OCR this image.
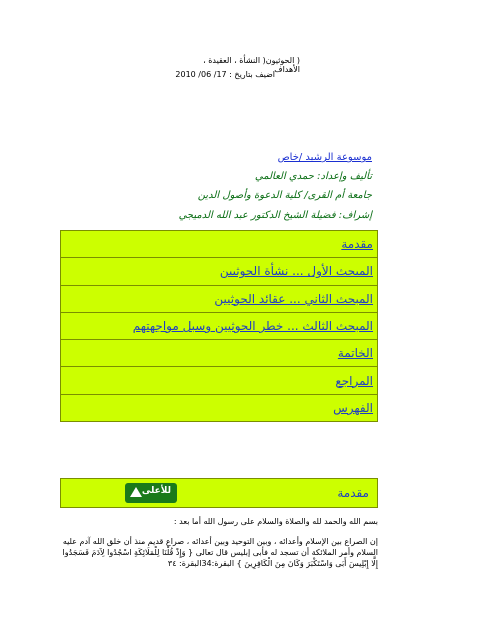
( الحوثيون( النشأة ، العقيدة ، الأهداف
اضيف بتاريخ : 17/ 06/ 2010
موسوعة الرشيد /خاص
تأليف وإعداد: حمدي العالمي
جامعة أم القرى/ كلية الدعوة وأصول الدين
إشراف: فضيلة الشيخ الدكتور عبد الله الدميجي
مقدمة
المبحث الأول ... نشأة الحوثيين
المبحث الثاني ... عقائد الحوثيين
المبحث الثالث ... خطر الحوثيين وسبل مواجهتهم
الخاتمة
المراجع
الفهرس
مقدمة
للأعلى
بسم الله والحمد لله والصلاة والسلام على رسول الله أما بعد :
إن الصراع بين الإسلام وأعدائه ، وبين التوحيد وبين أعدائه ، صراع قديم منذ أن خلق الله آدم عليه السلام وأمر الملائكة أن تسجد له فأبى إبليس قال تعالى { وَإِذْ قُلْنَا لِلْمَلَائِكَةِ اسْجُدُوا لِآدَمَ فَسَجَدُوا إِلَّا إِبْلِيسَ أَبَى وَاسْتَكْبَرَ وَكَانَ مِنَ الْكَافِرِينَ } البقرة:34البقرة: ٣٤
